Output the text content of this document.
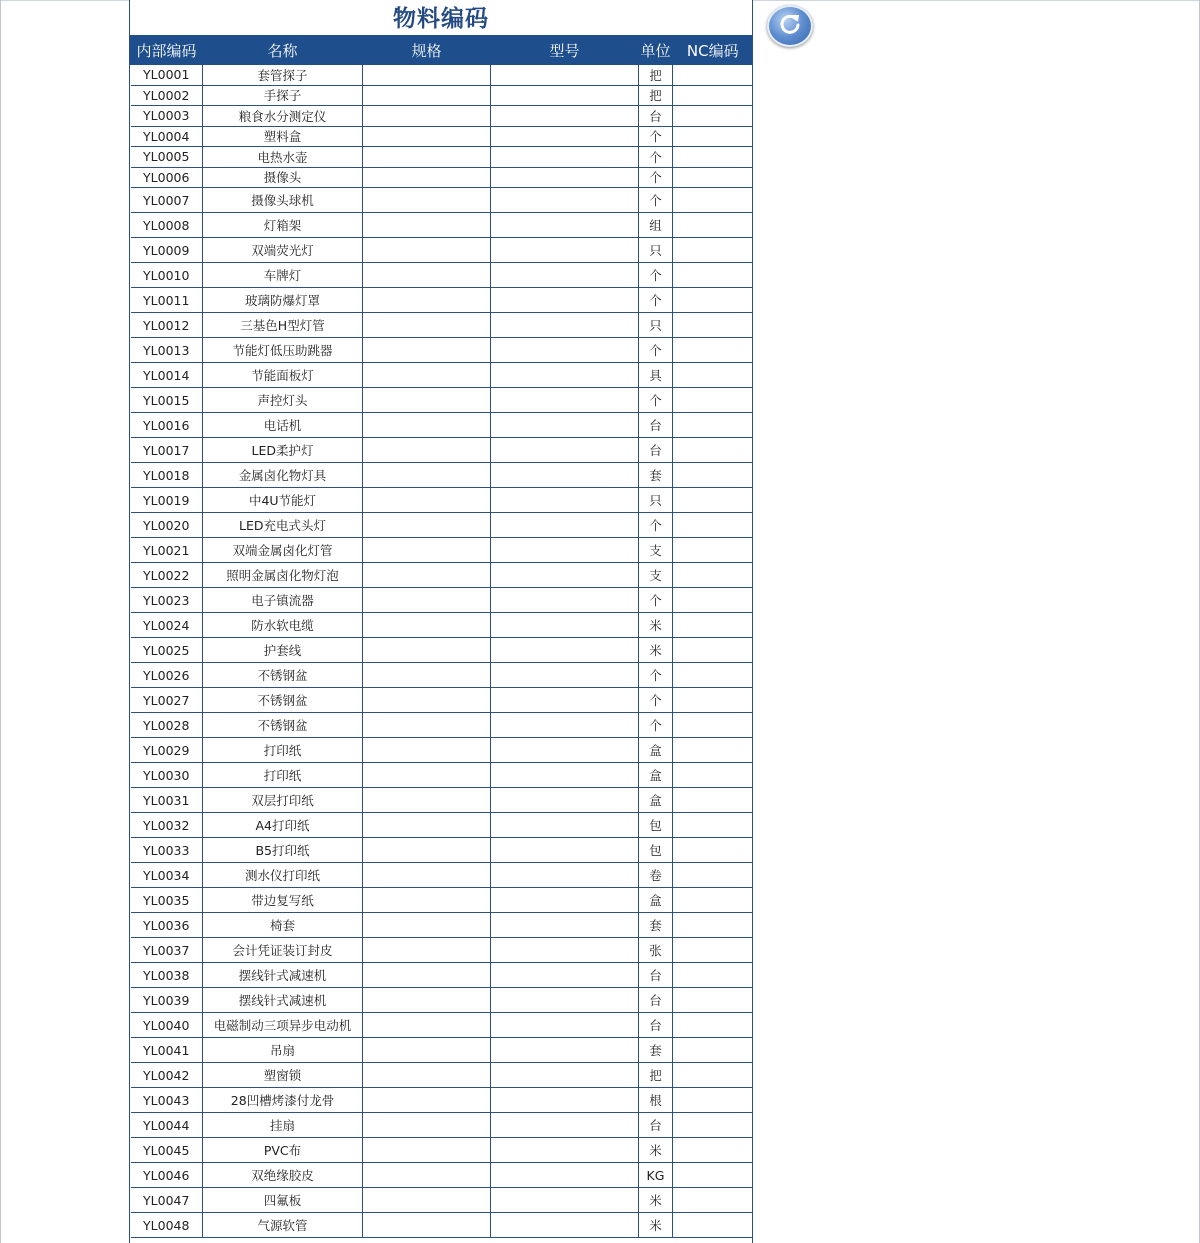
物料编码
内部编码	名称	规格	型号	单位	NC编码
YL0001	套管探子			把	
YL0002	手探子			把	
YL0003	粮食水分测定仪			台	
YL0004	塑料盒			个	
YL0005	电热水壶			个	
YL0006	摄像头			个	
YL0007	摄像头球机			个	
YL0008	灯箱架			组	
YL0009	双端荧光灯			只	
YL0010	车牌灯			个	
YL0011	玻璃防爆灯罩			个	
YL0012	三基色H型灯管			只	
YL0013	节能灯低压助跳器			个	
YL0014	节能面板灯			具	
YL0015	声控灯头			个	
YL0016	电话机			台	
YL0017	LED柔护灯			台	
YL0018	金属卤化物灯具			套	
YL0019	中4U节能灯			只	
YL0020	LED充电式头灯			个	
YL0021	双端金属卤化灯管			支	
YL0022	照明金属卤化物灯泡			支	
YL0023	电子镇流器			个	
YL0024	防水软电缆			米	
YL0025	护套线			米	
YL0026	不锈钢盆			个	
YL0027	不锈钢盆			个	
YL0028	不锈钢盆			个	
YL0029	打印纸			盒	
YL0030	打印纸			盒	
YL0031	双层打印纸			盒	
YL0032	A4打印纸			包	
YL0033	B5打印纸			包	
YL0034	测水仪打印纸			卷	
YL0035	带边复写纸			盒	
YL0036	椅套			套	
YL0037	会计凭证装订封皮			张	
YL0038	摆线针式减速机			台	
YL0039	摆线针式减速机			台	
YL0040	电磁制动三项异步电动机			台	
YL0041	吊扇			套	
YL0042	塑窗锁			把	
YL0043	28凹槽烤漆付龙骨			根	
YL0044	挂扇			台	
YL0045	PVC布			米	
YL0046	双绝缘胶皮			KG	
YL0047	四氟板			米	
YL0048	气源软管			米	
